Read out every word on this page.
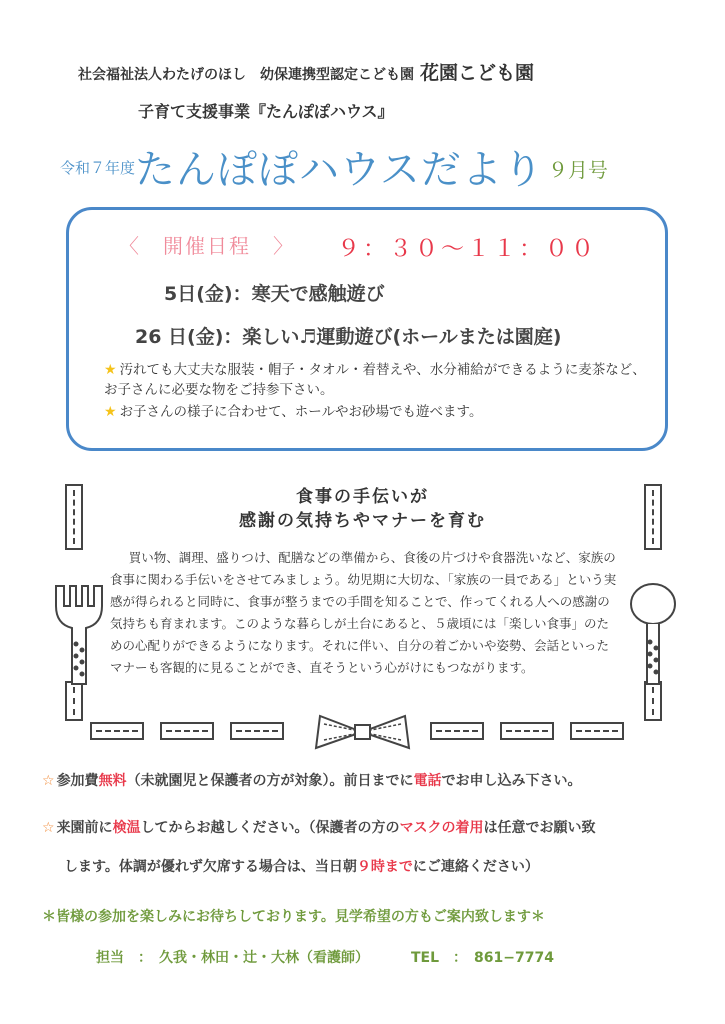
社会福祉法人わたげのほし　幼保連携型認定こども園 花園こども園
子育て支援事業『たんぽぽハウス』
令和７年度たんぽぽハウスだより ９月号
〈　開催日程　〉 ９：３０～１１：００
5日(金)：寒天で感触遊び
26 日(金)：楽しい♬運動遊び(ホールまたは園庭)
★ 汚れても大丈夫な服装・帽子・タオル・着替えや、水分補給ができるように麦茶など、お子さんに必要な物をご持参下さい。
★ お子さんの様子に合わせて、ホールやお砂場でも遊べます。
食事の手伝いが
感謝の気持ちやマナーを育む
買い物、調理、盛りつけ、配膳などの準備から、食後の片づけや食器洗いなど、家族の食事に関わる手伝いをさせてみましょう。幼児期に大切な、「家族の一員である」という実感が得られると同時に、食事が整うまでの手間を知ることで、作ってくれる人への感謝の気持ちも育まれます。このような暮らしが土台にあると、５歳頃には「楽しい食事」のための心配りができるようになります。それに伴い、自分の着ごかいや姿勢、会話といったマナーも客観的に見ることができ、直そうという心がけにもつながります。
☆ 参加費無料（未就園児と保護者の方が対象）。前日までに電話でお申し込み下さい。
☆ 来園前に検温してからお越しください。（保護者の方のマスクの着用は任意でお願い致
します。体調が優れず欠席する場合は、当日朝９時までにご連絡ください）
＊皆様の参加を楽しみにお待ちしております。見学希望の方もご案内致します＊
担当　：　久我・林田・辻・大林（看護師）	TEL　：　861−7774
